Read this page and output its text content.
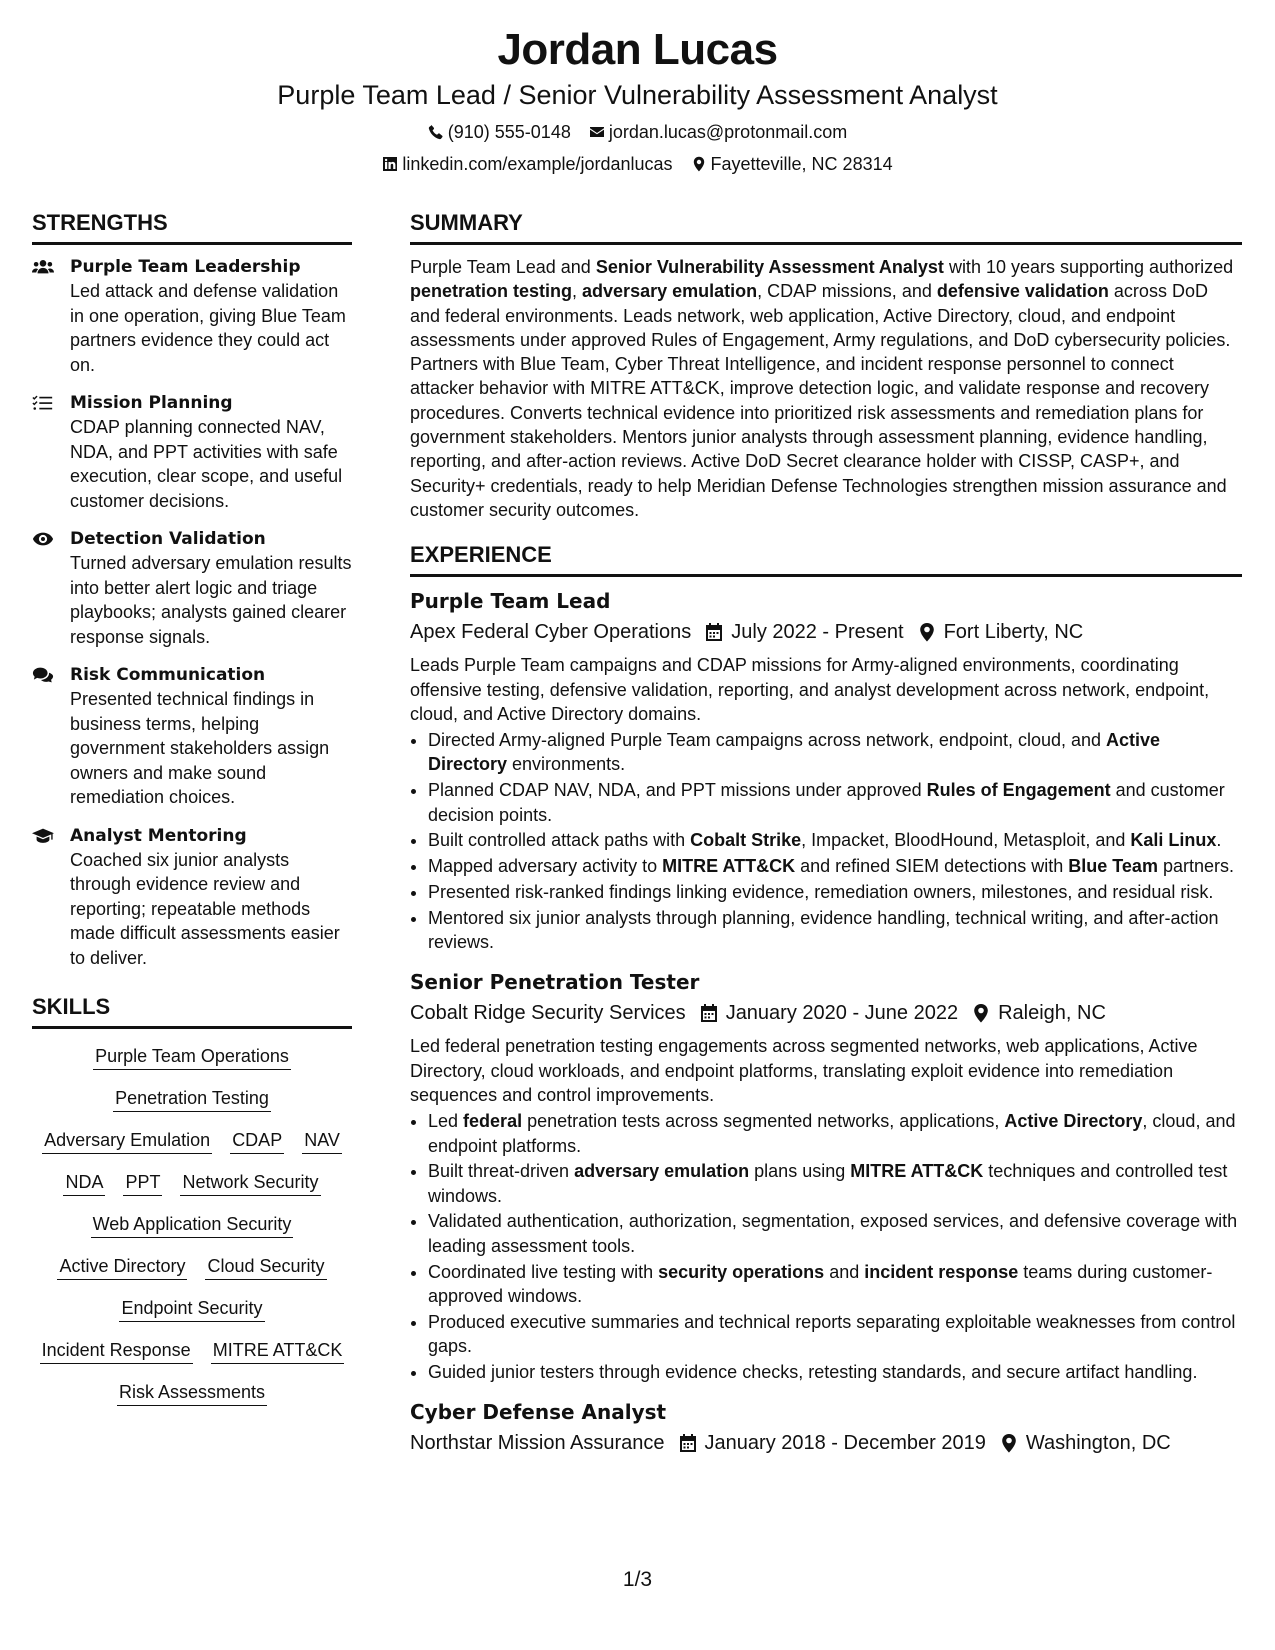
Jordan Lucas
Purple Team Lead / Senior Vulnerability Assessment Analyst
(910) 555-0148 jordan.lucas@protonmail.com
linkedin.com/example/jordanlucas Fayetteville, NC 28314
STRENGTHS
Purple Team Leadership
Led attack and defense validation in one operation, giving Blue Team partners evidence they could act on.
Mission Planning
CDAP planning connected NAV, NDA, and PPT activities with safe execution, clear scope, and useful customer decisions.
Detection Validation
Turned adversary emulation results into better alert logic and triage playbooks; analysts gained clearer response signals.
Risk Communication
Presented technical findings in business terms, helping government stakeholders assign owners and make sound remediation choices.
Analyst Mentoring
Coached six junior analysts through evidence review and reporting; repeatable methods made difficult assessments easier to deliver.
SKILLS
Purple Team Operations
Penetration Testing
Adversary Emulation CDAP NAV
NDA PPT Network Security
Web Application Security
Active Directory Cloud Security
Endpoint Security
Incident Response MITRE ATT&CK
Risk Assessments
SUMMARY
Purple Team Lead and Senior Vulnerability Assessment Analyst with 10 years supporting authorized penetration testing, adversary emulation, CDAP missions, and defensive validation across DoD and federal environments. Leads network, web application, Active Directory, cloud, and endpoint assessments under approved Rules of Engagement, Army regulations, and DoD cybersecurity policies. Partners with Blue Team, Cyber Threat Intelligence, and incident response personnel to connect attacker behavior with MITRE ATT&CK, improve detection logic, and validate response and recovery procedures. Converts technical evidence into prioritized risk assessments and remediation plans for government stakeholders. Mentors junior analysts through assessment planning, evidence handling, reporting, and after-action reviews. Active DoD Secret clearance holder with CISSP, CASP+, and Security+ credentials, ready to help Meridian Defense Technologies strengthen mission assurance and customer security outcomes.
EXPERIENCE
Purple Team Lead
Apex Federal Cyber Operations July 2022 - Present Fort Liberty, NC
Leads Purple Team campaigns and CDAP missions for Army-aligned environments, coordinating offensive testing, defensive validation, reporting, and analyst development across network, endpoint, cloud, and Active Directory domains.
• Directed Army-aligned Purple Team campaigns across network, endpoint, cloud, and Active Directory environments.
• Planned CDAP NAV, NDA, and PPT missions under approved Rules of Engagement and customer decision points.
• Built controlled attack paths with Cobalt Strike, Impacket, BloodHound, Metasploit, and Kali Linux.
• Mapped adversary activity to MITRE ATT&CK and refined SIEM detections with Blue Team partners.
• Presented risk-ranked findings linking evidence, remediation owners, milestones, and residual risk.
• Mentored six junior analysts through planning, evidence handling, technical writing, and after-action reviews.
Senior Penetration Tester
Cobalt Ridge Security Services January 2020 - June 2022 Raleigh, NC
Led federal penetration testing engagements across segmented networks, web applications, Active Directory, cloud workloads, and endpoint platforms, translating exploit evidence into remediation sequences and control improvements.
• Led federal penetration tests across segmented networks, applications, Active Directory, cloud, and endpoint platforms.
• Built threat-driven adversary emulation plans using MITRE ATT&CK techniques and controlled test windows.
• Validated authentication, authorization, segmentation, exposed services, and defensive coverage with leading assessment tools.
• Coordinated live testing with security operations and incident response teams during customer-approved windows.
• Produced executive summaries and technical reports separating exploitable weaknesses from control gaps.
• Guided junior testers through evidence checks, retesting standards, and secure artifact handling.
Cyber Defense Analyst
Northstar Mission Assurance January 2018 - December 2019 Washington, DC
1/3
